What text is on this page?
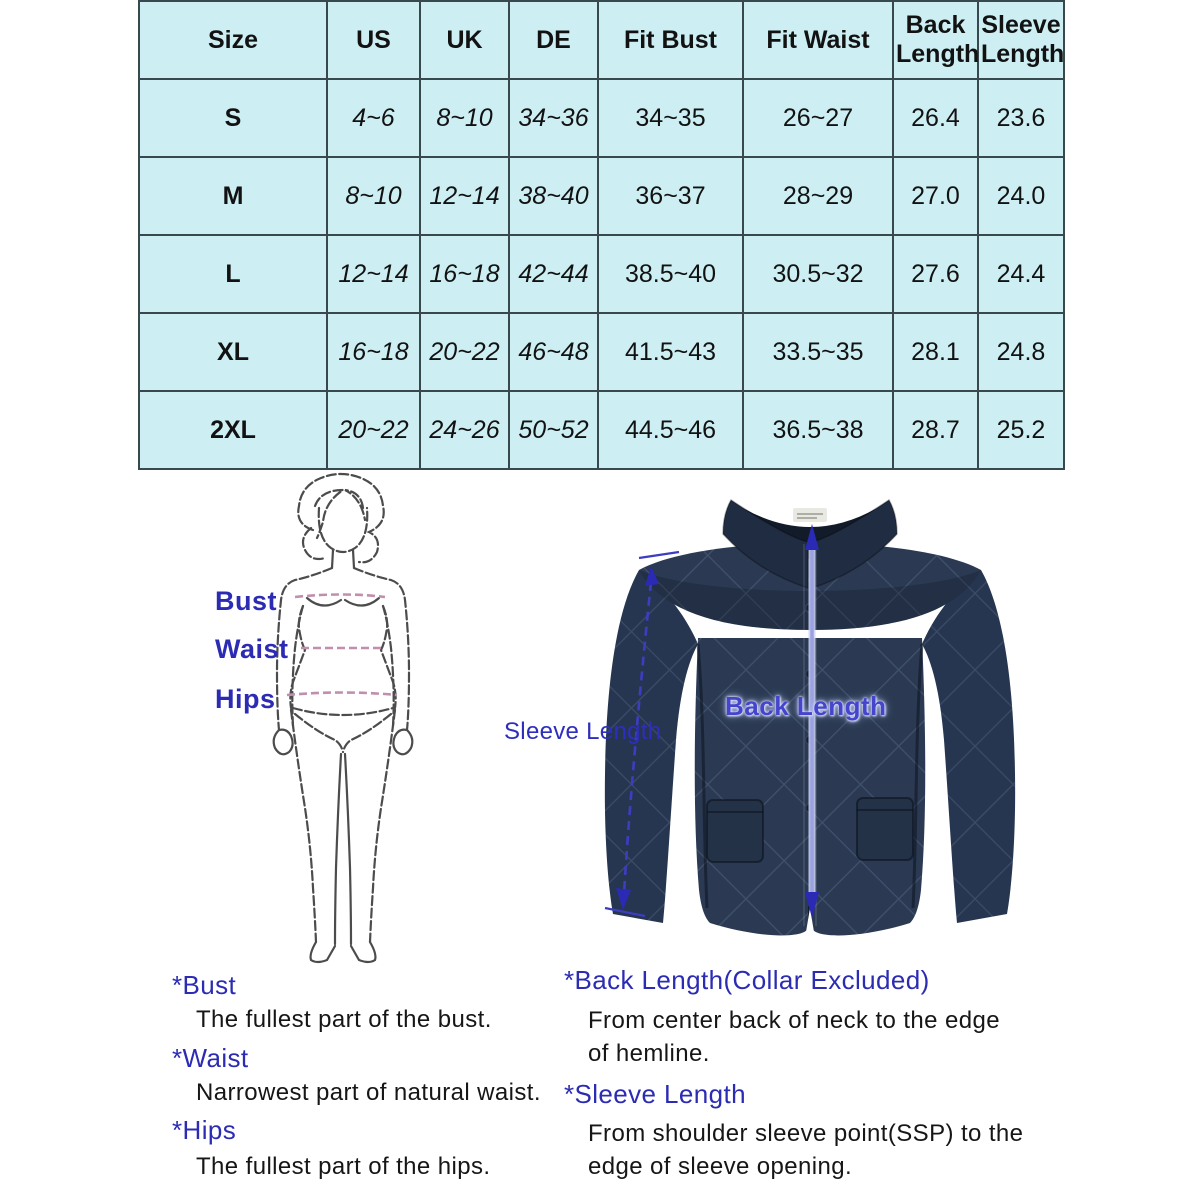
Size	US	UK	DE	Fit Bust	Fit Waist	Back Length	Sleeve Length
S	4~6	8~10	34~36	34~35	26~27	26.4	23.6
M	8~10	12~14	38~40	36~37	28~29	27.0	24.0
L	12~14	16~18	42~44	38.5~40	30.5~32	27.6	24.4
XL	16~18	20~22	46~48	41.5~43	33.5~35	28.1	24.8
2XL	20~22	24~26	50~52	44.5~46	36.5~38	28.7	25.2
Bust
Waist
Hips
Sleeve Length
Back Length
*Bust
The fullest part of the bust.
*Waist
Narrowest part of natural waist.
*Hips
The fullest part of the hips.
*Back Length(Collar Excluded)
From center back of neck to the edge
of hemline.
*Sleeve Length
From shoulder sleeve point(SSP) to the
edge of sleeve opening.
